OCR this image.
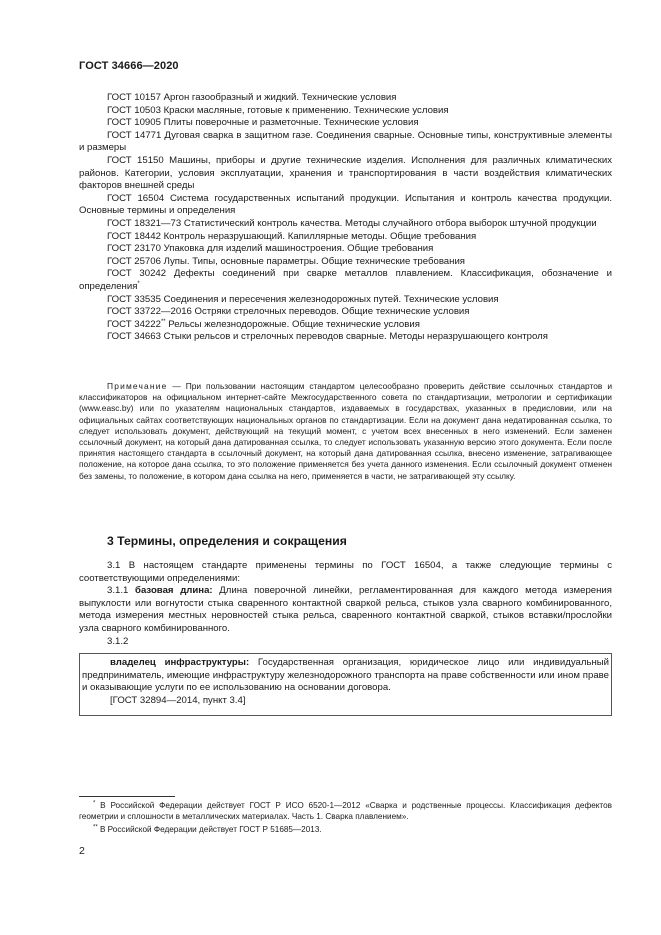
ГОСТ 34666—2020

ГОСТ 10157 Аргон газообразный и жидкий. Технические условия

ГОСТ 10503 Краски масляные, готовые к применению. Технические условия

ГОСТ 10905 Плиты поверочные и разметочные. Технические условия

ГОСТ 14771 Дуговая сварка в защитном газе. Соединения сварные. Основные типы, конструктивные элементы и размеры

ГОСТ 15150 Машины, приборы и другие технические изделия. Исполнения для различных климатических районов. Категории, условия эксплуатации, хранения и транспортирования в части воздействия климатических факторов внешней среды

ГОСТ 16504 Система государственных испытаний продукции. Испытания и контроль качества продукции. Основные термины и определения

ГОСТ 18321—73 Статистический контроль качества. Методы случайного отбора выборок штучной продукции

ГОСТ 18442 Контроль неразрушающий. Капиллярные методы. Общие требования

ГОСТ 23170 Упаковка для изделий машиностроения. Общие требования

ГОСТ 25706 Лупы. Типы, основные параметры. Общие технические требования

ГОСТ 30242 Дефекты соединений при сварке металлов плавлением. Классификация, обозначение и определения*

ГОСТ 33535 Соединения и пересечения железнодорожных путей. Технические условия

ГОСТ 33722—2016 Остряки стрелочных переводов. Общие технические условия

ГОСТ 34222** Рельсы железнодорожные. Общие технические условия

ГОСТ 34663 Стыки рельсов и стрелочных переводов сварные. Методы неразрушающего контроля

Примечание — При пользовании настоящим стандартом целесообразно проверить действие ссылочных стандартов и классификаторов на официальном интернет-сайте Межгосударственного совета по стандартизации, метрологии и сертификации (www.easc.by) или по указателям национальных стандартов, издаваемых в государствах, указанных в предисловии, или на официальных сайтах соответствующих национальных органов по стандартизации. Если на документ дана недатированная ссылка, то следует использовать документ, действующий на текущий момент, с учетом всех внесенных в него изменений. Если заменен ссылочный документ, на который дана датированная ссылка, то следует использовать указанную версию этого документа. Если после принятия настоящего стандарта в ссылочный документ, на который дана датированная ссылка, внесено изменение, затрагивающее положение, на которое дана ссылка, то это положение применяется без учета данного изменения. Если ссылочный документ отменен без замены, то положение, в котором дана ссылка на него, применяется в части, не затрагивающей эту ссылку.

3 Термины, определения и сокращения

3.1 В настоящем стандарте применены термины по ГОСТ 16504, а также следующие термины с соответствующими определениями:

3.1.1 базовая длина: Длина поверочной линейки, регламентированная для каждого метода измерения выпуклости или вогнутости стыка сваренного контактной сваркой рельса, стыков узла сварного комбинированного, метода измерения местных неровностей стыка рельса, сваренного контактной сваркой, стыков вставки/прослойки узла сварного комбинированного.

3.1.2

владелец инфраструктуры: Государственная организация, юридическое лицо или индивидуальный предприниматель, имеющие инфраструктуру железнодорожного транспорта на праве собственности или ином праве и оказывающие услуги по ее использованию на основании договора.

[ГОСТ 32894—2014, пункт 3.4]

* В Российской Федерации действует ГОСТ Р ИСО 6520-1—2012 «Сварка и родственные процессы. Классификация дефектов геометрии и сплошности в металлических материалах. Часть 1. Сварка плавлением».

** В Российской Федерации действует ГОСТ Р 51685—2013.

2
